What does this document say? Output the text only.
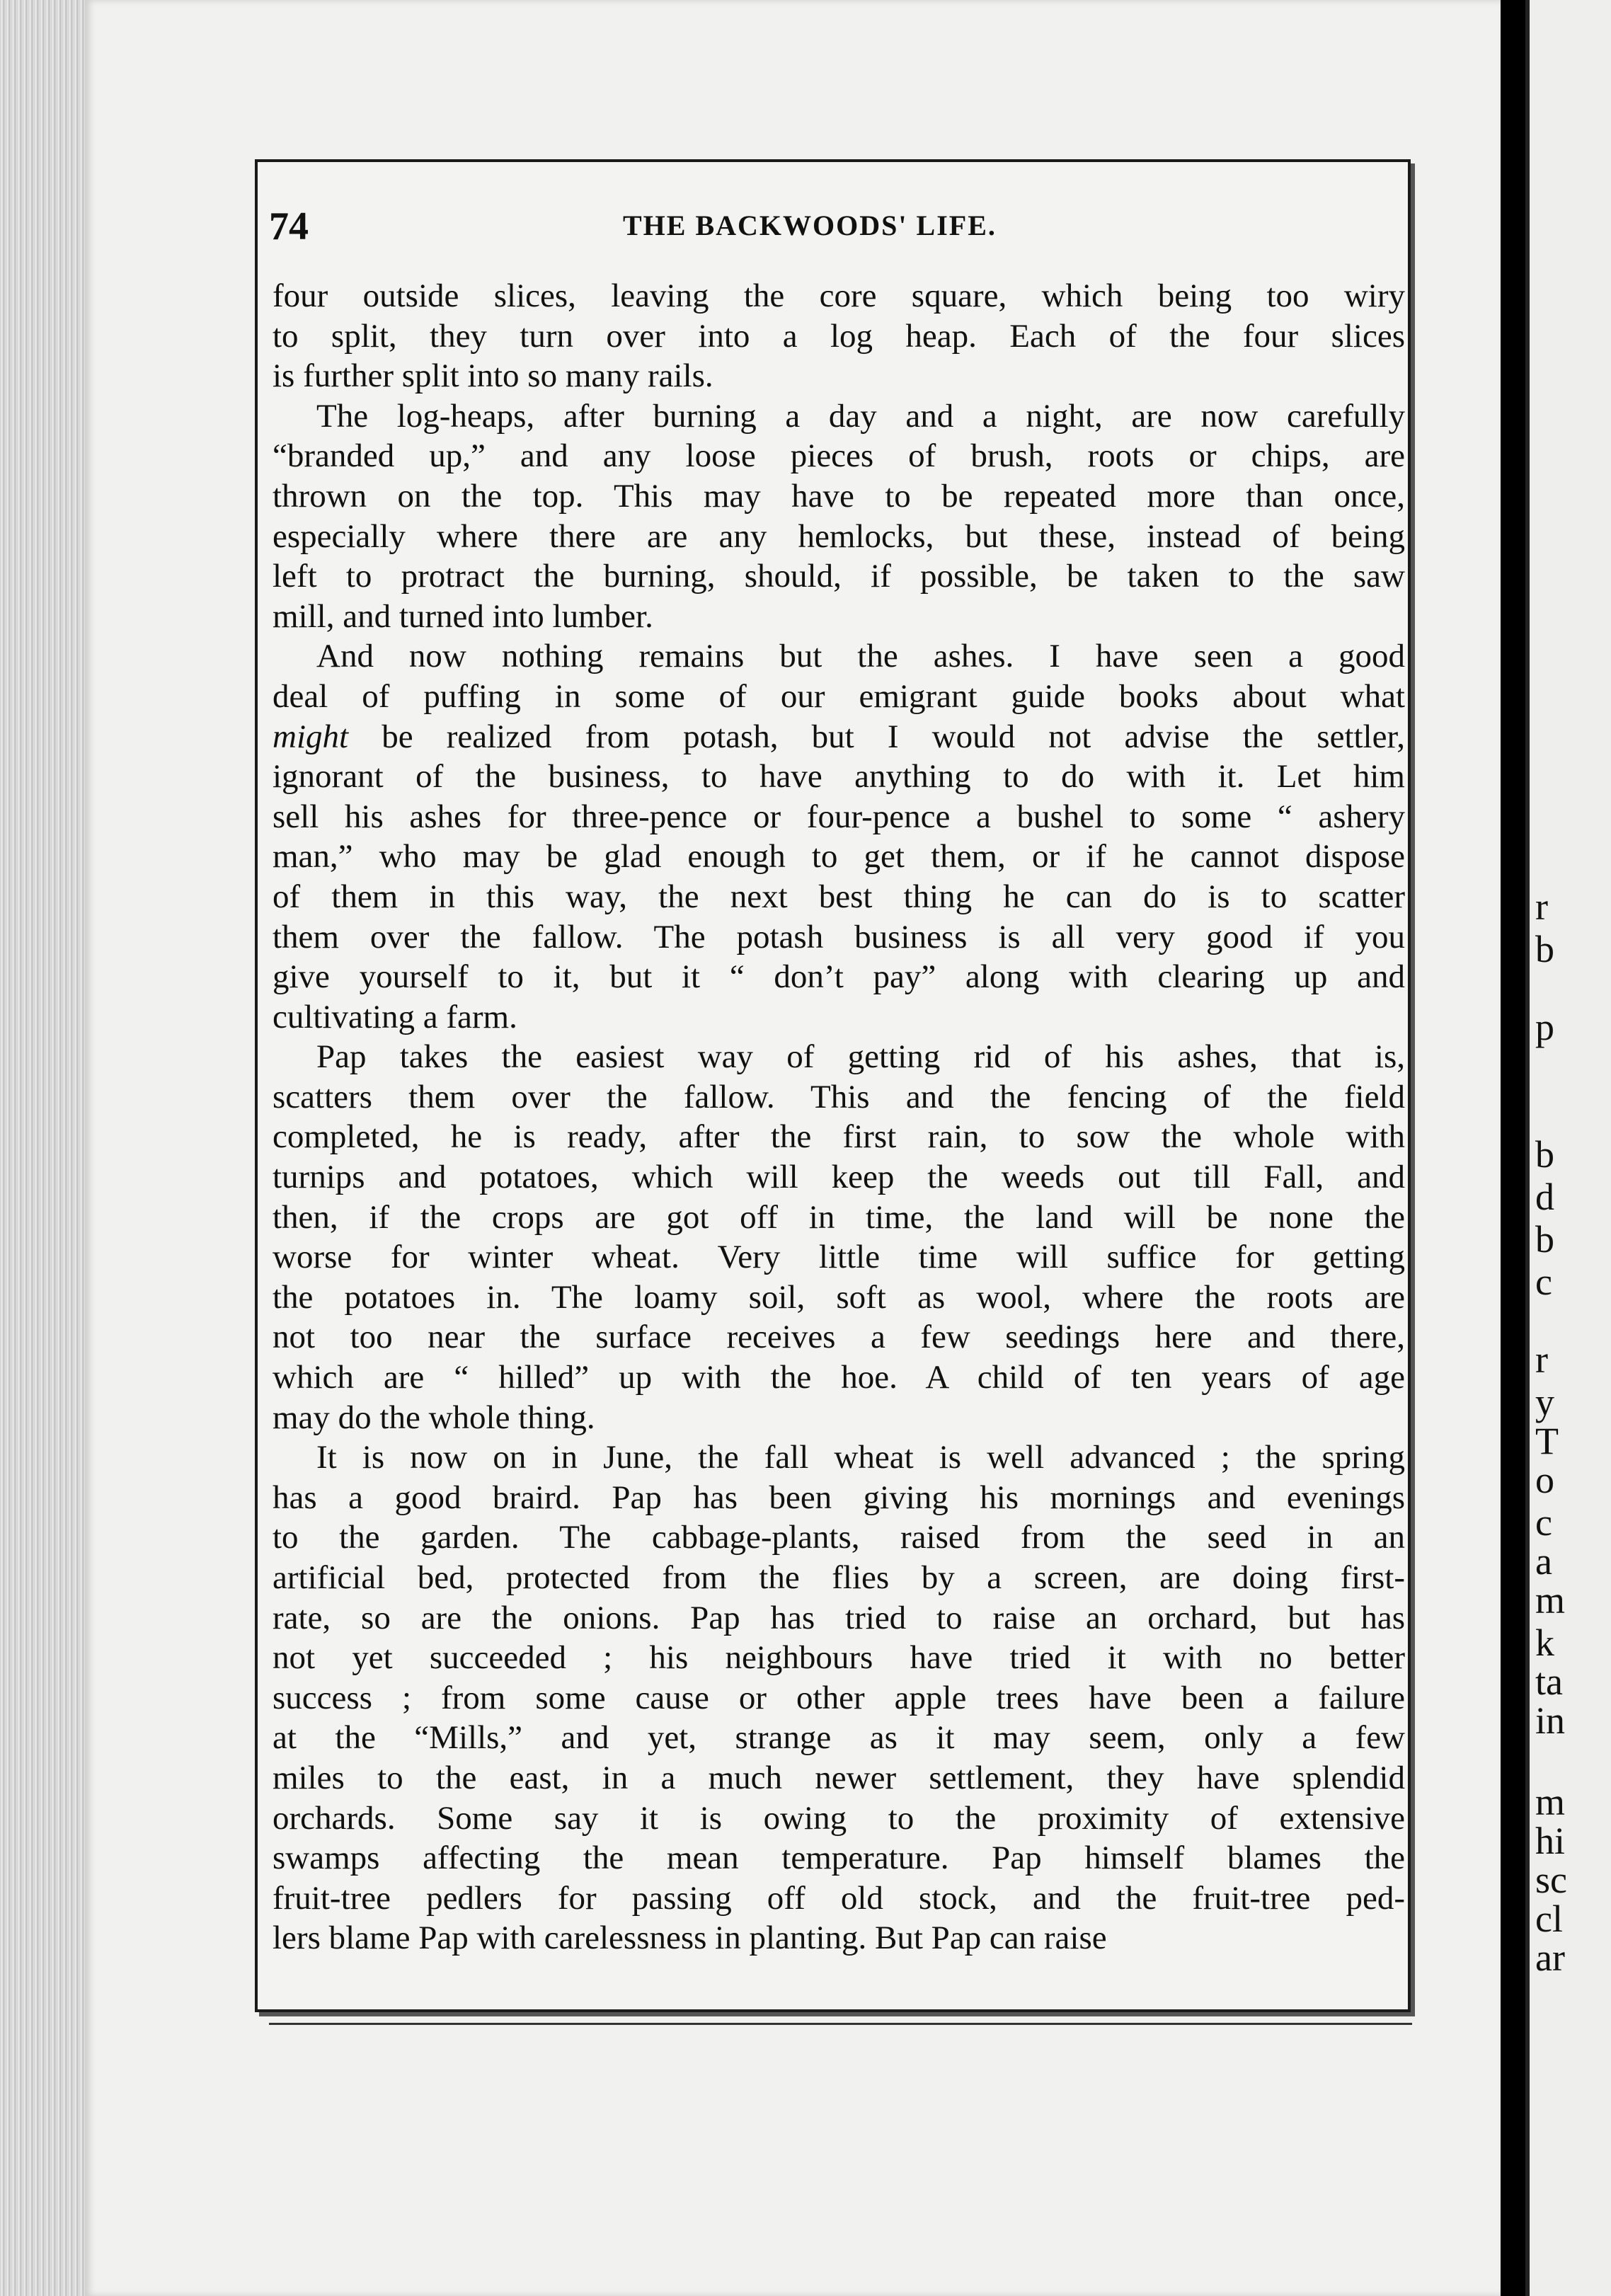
r
b
p
b
d
b
c
r
y
T
o
c
a
m
k
ta
in
m
hi
sc
cl
ar
74	THE BACKWOODS' LIFE.

four outside slices, leaving the core square, which being too wiry
to split, they turn over into a log heap. Each of the four slices
is further split into so many rails.

The log-heaps, after burning a day and a night, are now carefully
“branded up,” and any loose pieces of brush, roots or chips, are
thrown on the top. This may have to be repeated more than once,
especially where there are any hemlocks, but these, instead of being
left to protract the burning, should, if possible, be taken to the saw
mill, and turned into lumber.

And now nothing remains but the ashes. I have seen a good
deal of puffing in some of our emigrant guide books about what
might be realized from potash, but I would not advise the settler,
ignorant of the business, to have anything to do with it. Let him
sell his ashes for three-pence or four-pence a bushel to some “ ashery
man,” who may be glad enough to get them, or if he cannot dispose
of them in this way, the next best thing he can do is to scatter
them over the fallow. The potash business is all very good if you
give yourself to it, but it “ don’t pay” along with clearing up and
cultivating a farm.

Pap takes the easiest way of getting rid of his ashes, that is,
scatters them over the fallow. This and the fencing of the field
completed, he is ready, after the first rain, to sow the whole with
turnips and potatoes, which will keep the weeds out till Fall, and
then, if the crops are got off in time, the land will be none the
worse for winter wheat. Very little time will suffice for getting
the potatoes in. The loamy soil, soft as wool, where the roots are
not too near the surface receives a few seedings here and there,
which are “ hilled” up with the hoe. A child of ten years of age
may do the whole thing.

It is now on in June, the fall wheat is well advanced ; the spring
has a good braird. Pap has been giving his mornings and evenings
to the garden. The cabbage-plants, raised from the seed in an
artificial bed, protected from the flies by a screen, are doing first-
rate, so are the onions. Pap has tried to raise an orchard, but has
not yet succeeded ; his neighbours have tried it with no better
success ; from some cause or other apple trees have been a failure
at the “Mills,” and yet, strange as it may seem, only a few
miles to the east, in a much newer settlement, they have splendid
orchards. Some say it is owing to the proximity of extensive
swamps affecting the mean temperature. Pap himself blames the
fruit-tree pedlers for passing off old stock, and the fruit-tree ped-
lers blame Pap with carelessness in planting. But Pap can raise
